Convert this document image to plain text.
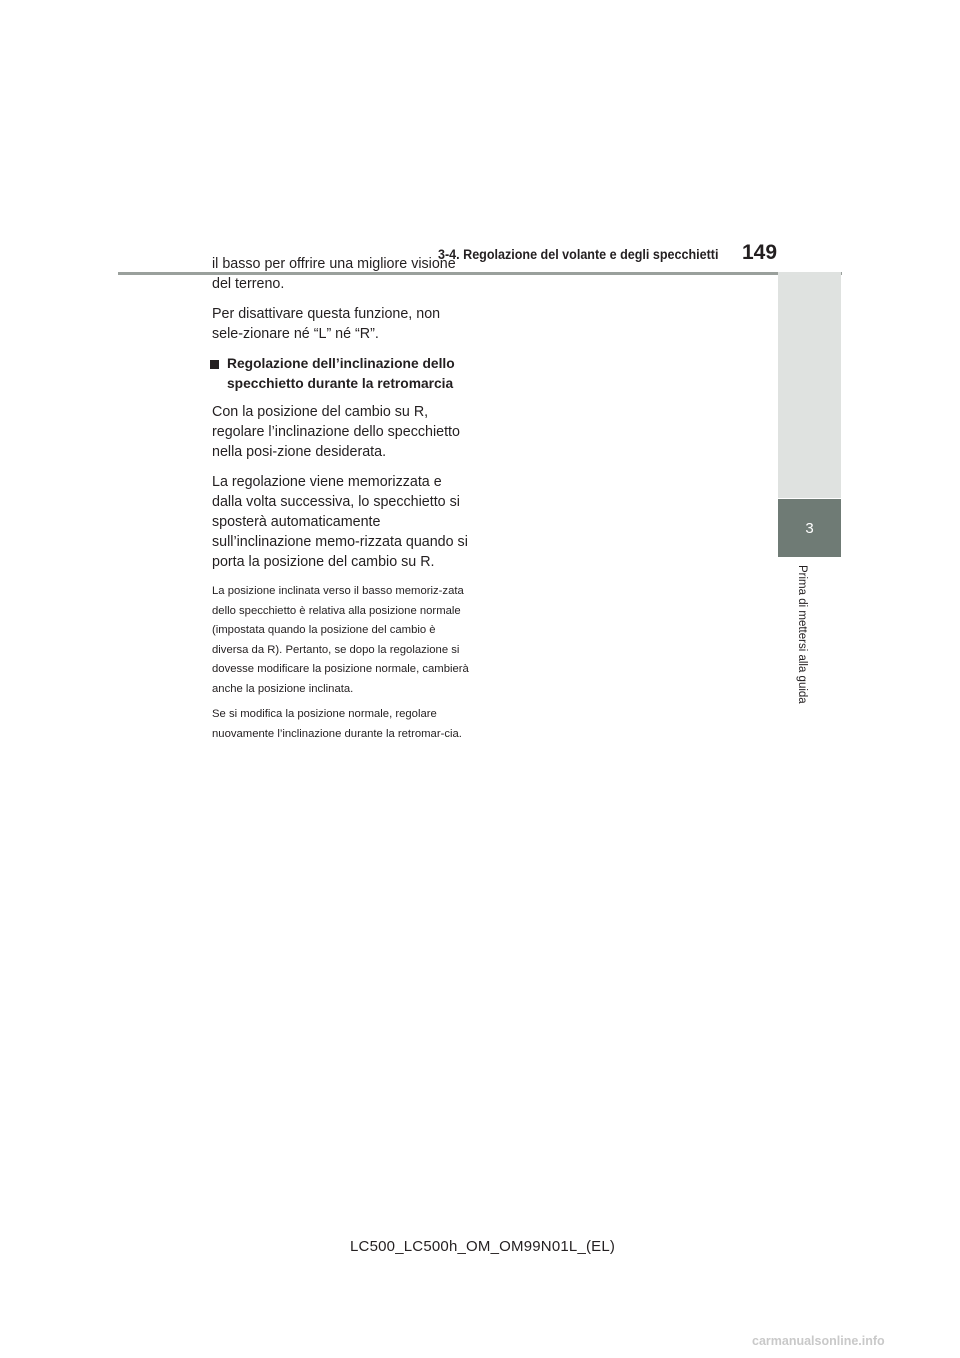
3-4. Regolazione del volante e degli specchietti 149
3
Prima di mettersi alla guida

il basso per offrire una migliore visione del terreno.

Per disattivare questa funzione, non sele-zionare né “L” né “R”.

Regolazione dell’inclinazione dello specchietto durante la retromarcia

Con la posizione del cambio su R, regolare l’inclinazione dello specchietto nella posi-zione desiderata.

La regolazione viene memorizzata e dalla volta successiva, lo specchietto si sposterà automaticamente sull’inclinazione memo-rizzata quando si porta la posizione del cambio su R.

La posizione inclinata verso il basso memoriz-zata dello specchietto è relativa alla posizione normale (impostata quando la posizione del cambio è diversa da R). Pertanto, se dopo la regolazione si dovesse modificare la posizione normale, cambierà anche la posizione inclinata.

Se si modifica la posizione normale, regolare nuovamente l’inclinazione durante la retromar-cia.

LC500_LC500h_OM_OM99N01L_(EL)
carmanualsonline.info
